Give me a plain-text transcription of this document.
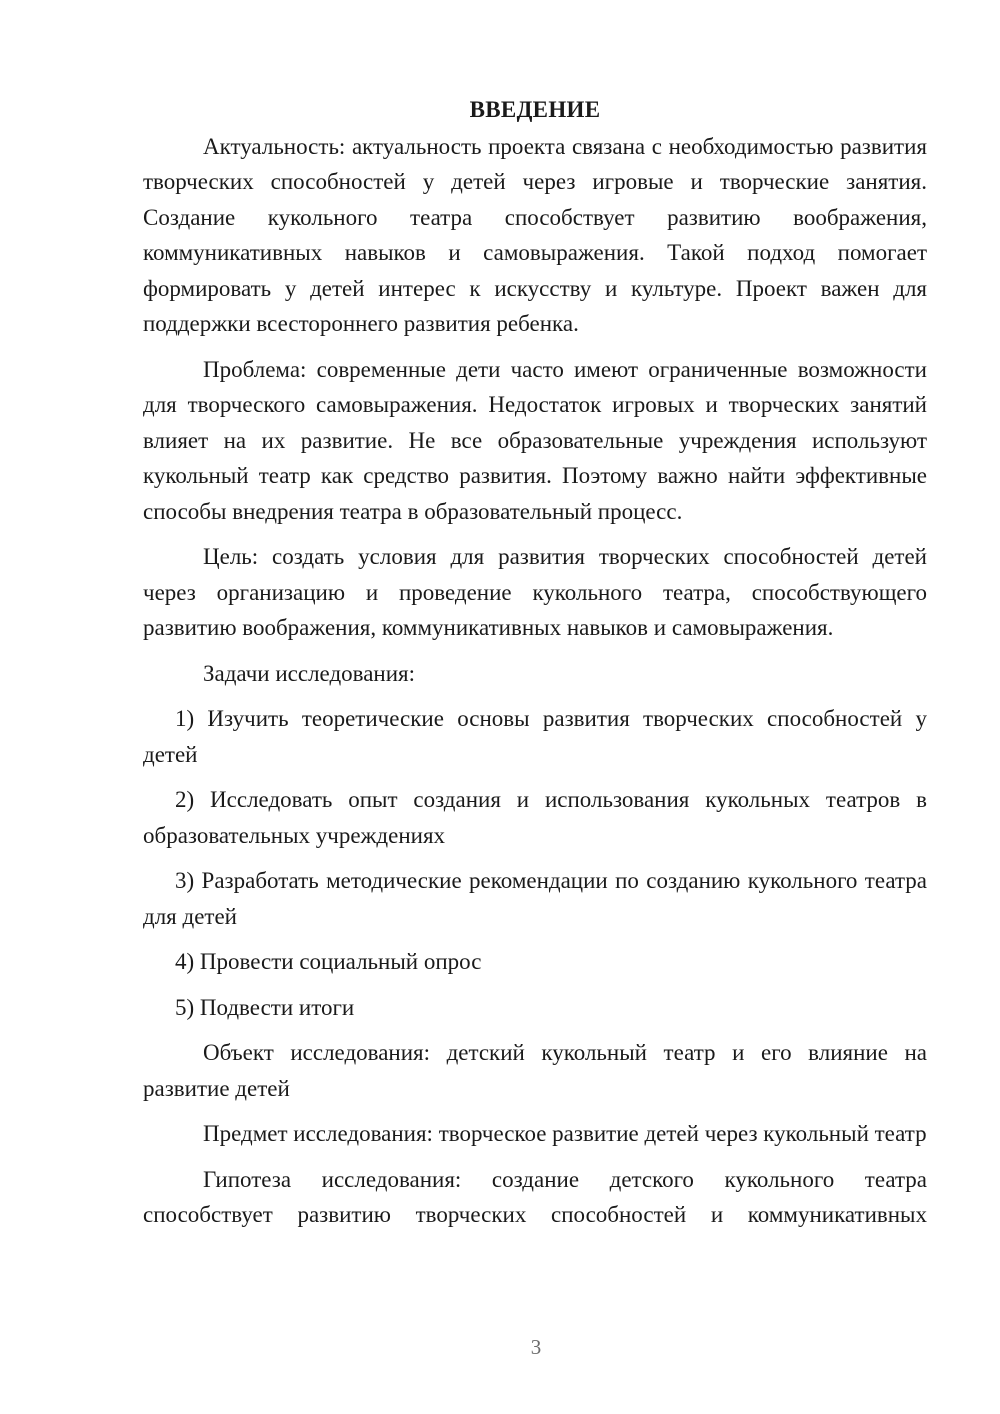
ВВЕДЕНИЕ

Актуальность: актуальность проекта связана с необходимостью развития творческих способностей у детей через игровые и творческие занятия. Создание кукольного театра способствует развитию воображения, коммуникативных навыков и самовыражения. Такой подход помогает формировать у детей интерес к искусству и культуре. Проект важен для поддержки всестороннего развития ребенка.

Проблема: современные дети часто имеют ограниченные возможности для творческого самовыражения. Недостаток игровых и творческих занятий влияет на их развитие. Не все образовательные учреждения используют кукольный театр как средство развития. Поэтому важно найти эффективные способы внедрения театра в образовательный процесс.

Цель: создать условия для развития творческих способностей детей через организацию и проведение кукольного театра, способствующего развитию воображения, коммуникативных навыков и самовыражения.

Задачи исследования:

1) Изучить теоретические основы развития творческих способностей у детей

2) Исследовать опыт создания и использования кукольных театров в образовательных учреждениях

3) Разработать методические рекомендации по созданию кукольного театра для детей

4) Провести социальный опрос

5) Подвести итоги

Объект исследования: детский кукольный театр и его влияние на развитие детей

Предмет исследования: творческое развитие детей через кукольный театр

Гипотеза исследования: создание детского кукольного театра способствует развитию творческих способностей и коммуникативных

3
